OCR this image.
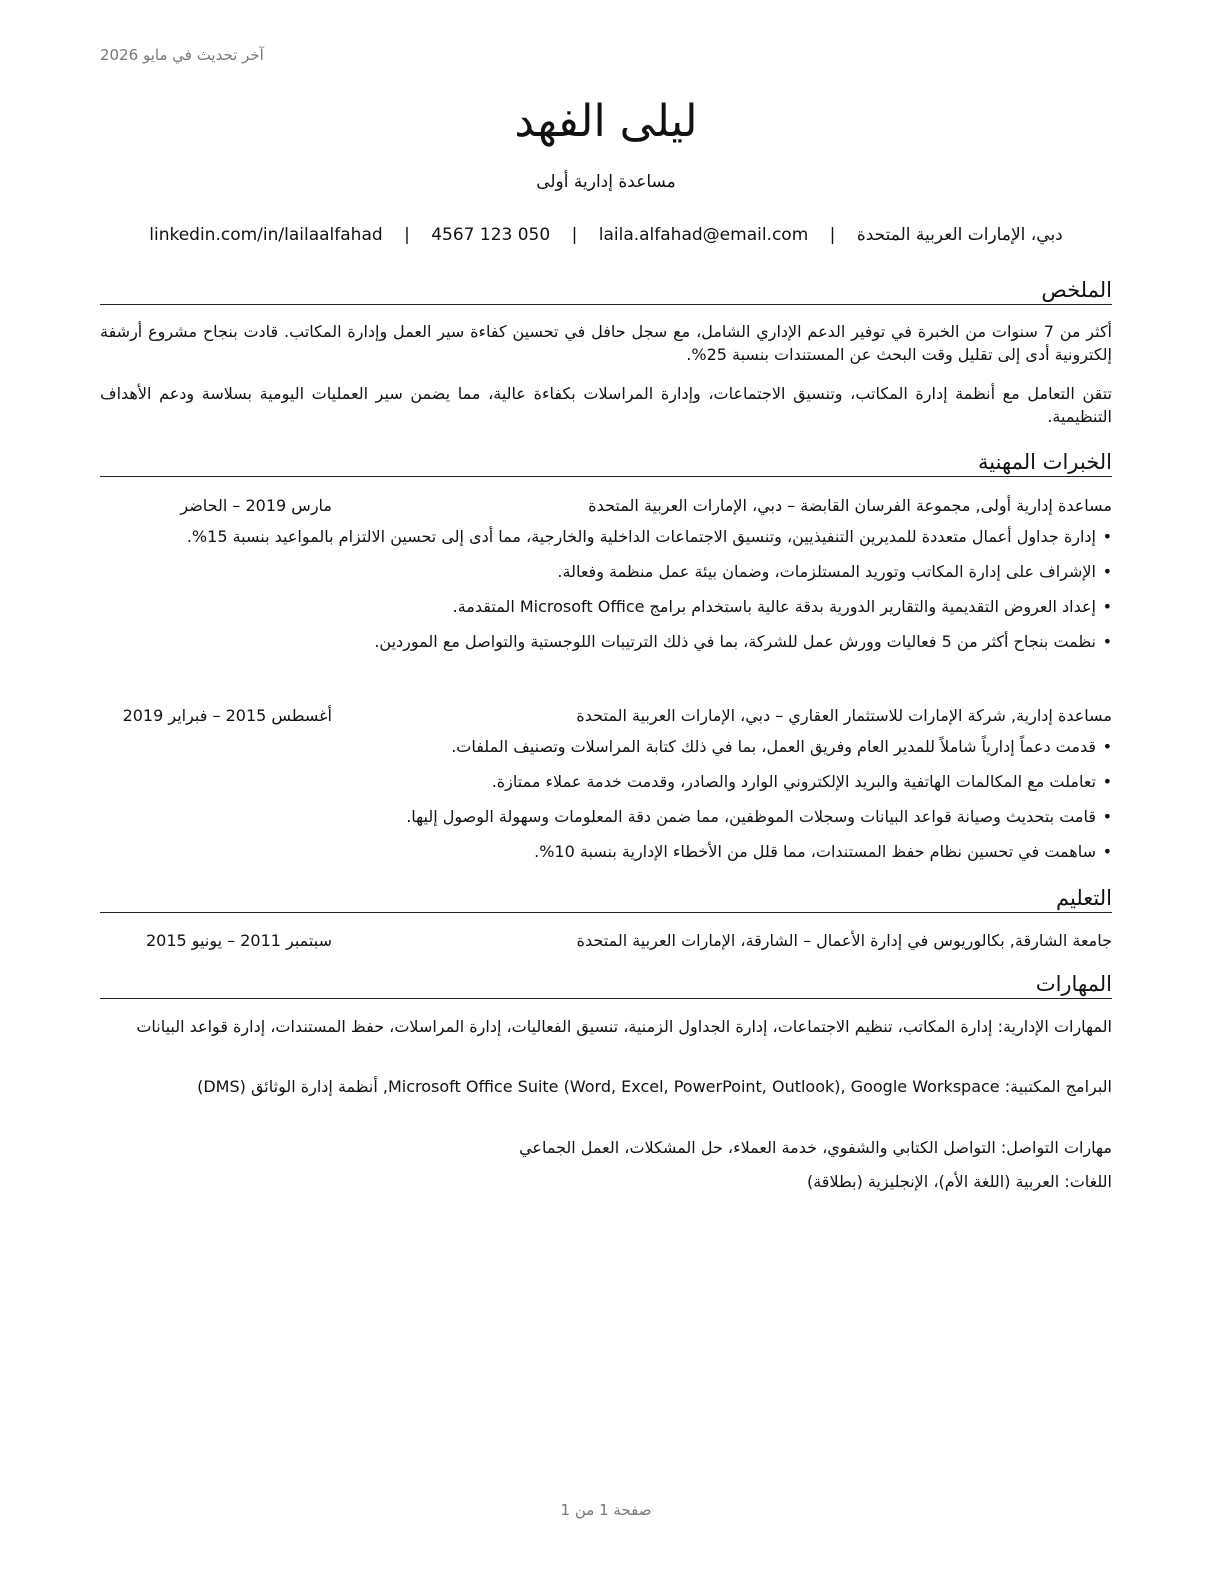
آخر تحديث في مايو 2026
ليلى الفهد
مساعدة إدارية أولى
دبي، الإمارات العربية المتحدة | laila.alfahad@email.com | 050 123 4567 | linkedin.com/in/lailaalfahad
الملخص

أكثر من 7 سنوات من الخبرة في توفير الدعم الإداري الشامل، مع سجل حافل في تحسين كفاءة سير العمل وإدارة المكاتب. قادت بنجاح مشروع أرشفة إلكترونية أدى إلى تقليل وقت البحث عن المستندات بنسبة 25%.

تتقن التعامل مع أنظمة إدارة المكاتب، وتنسيق الاجتماعات، وإدارة المراسلات بكفاءة عالية، مما يضمن سير العمليات اليومية بسلاسة ودعم الأهداف التنظيمية.

الخبرات المهنية
مساعدة إدارية أولى, مجموعة الفرسان القابضة – دبي، الإمارات العربية المتحدة
مارس 2019 – الحاضر
• إدارة جداول أعمال متعددة للمديرين التنفيذيين، وتنسيق الاجتماعات الداخلية والخارجية، مما أدى إلى تحسين الالتزام بالمواعيد بنسبة 15%.
• الإشراف على إدارة المكاتب وتوريد المستلزمات، وضمان بيئة عمل منظمة وفعالة.
• إعداد العروض التقديمية والتقارير الدورية بدقة عالية باستخدام برامج Microsoft Office المتقدمة.
• نظمت بنجاح أكثر من 5 فعاليات وورش عمل للشركة، بما في ذلك الترتيبات اللوجستية والتواصل مع الموردين.
مساعدة إدارية, شركة الإمارات للاستثمار العقاري – دبي، الإمارات العربية المتحدة
أغسطس 2015 – فبراير 2019
• قدمت دعماً إدارياً شاملاً للمدير العام وفريق العمل، بما في ذلك كتابة المراسلات وتصنيف الملفات.
• تعاملت مع المكالمات الهاتفية والبريد الإلكتروني الوارد والصادر، وقدمت خدمة عملاء ممتازة.
• قامت بتحديث وصيانة قواعد البيانات وسجلات الموظفين، مما ضمن دقة المعلومات وسهولة الوصول إليها.
• ساهمت في تحسين نظام حفظ المستندات، مما قلل من الأخطاء الإدارية بنسبة 10%.
التعليم
جامعة الشارقة, بكالوريوس في إدارة الأعمال – الشارقة، الإمارات العربية المتحدة
سبتمبر 2011 – يونيو 2015
المهارات

المهارات الإدارية: إدارة المكاتب، تنظيم الاجتماعات، إدارة الجداول الزمنية، تنسيق الفعاليات، إدارة المراسلات، حفظ المستندات، إدارة قواعد البيانات

البرامج المكتبية: Microsoft Office Suite (Word, Excel, PowerPoint, Outlook), Google Workspace, أنظمة إدارة الوثائق (DMS)

مهارات التواصل: التواصل الكتابي والشفوي، خدمة العملاء، حل المشكلات، العمل الجماعي

اللغات: العربية (اللغة الأم)، الإنجليزية (بطلاقة)

صفحة 1 من 1
